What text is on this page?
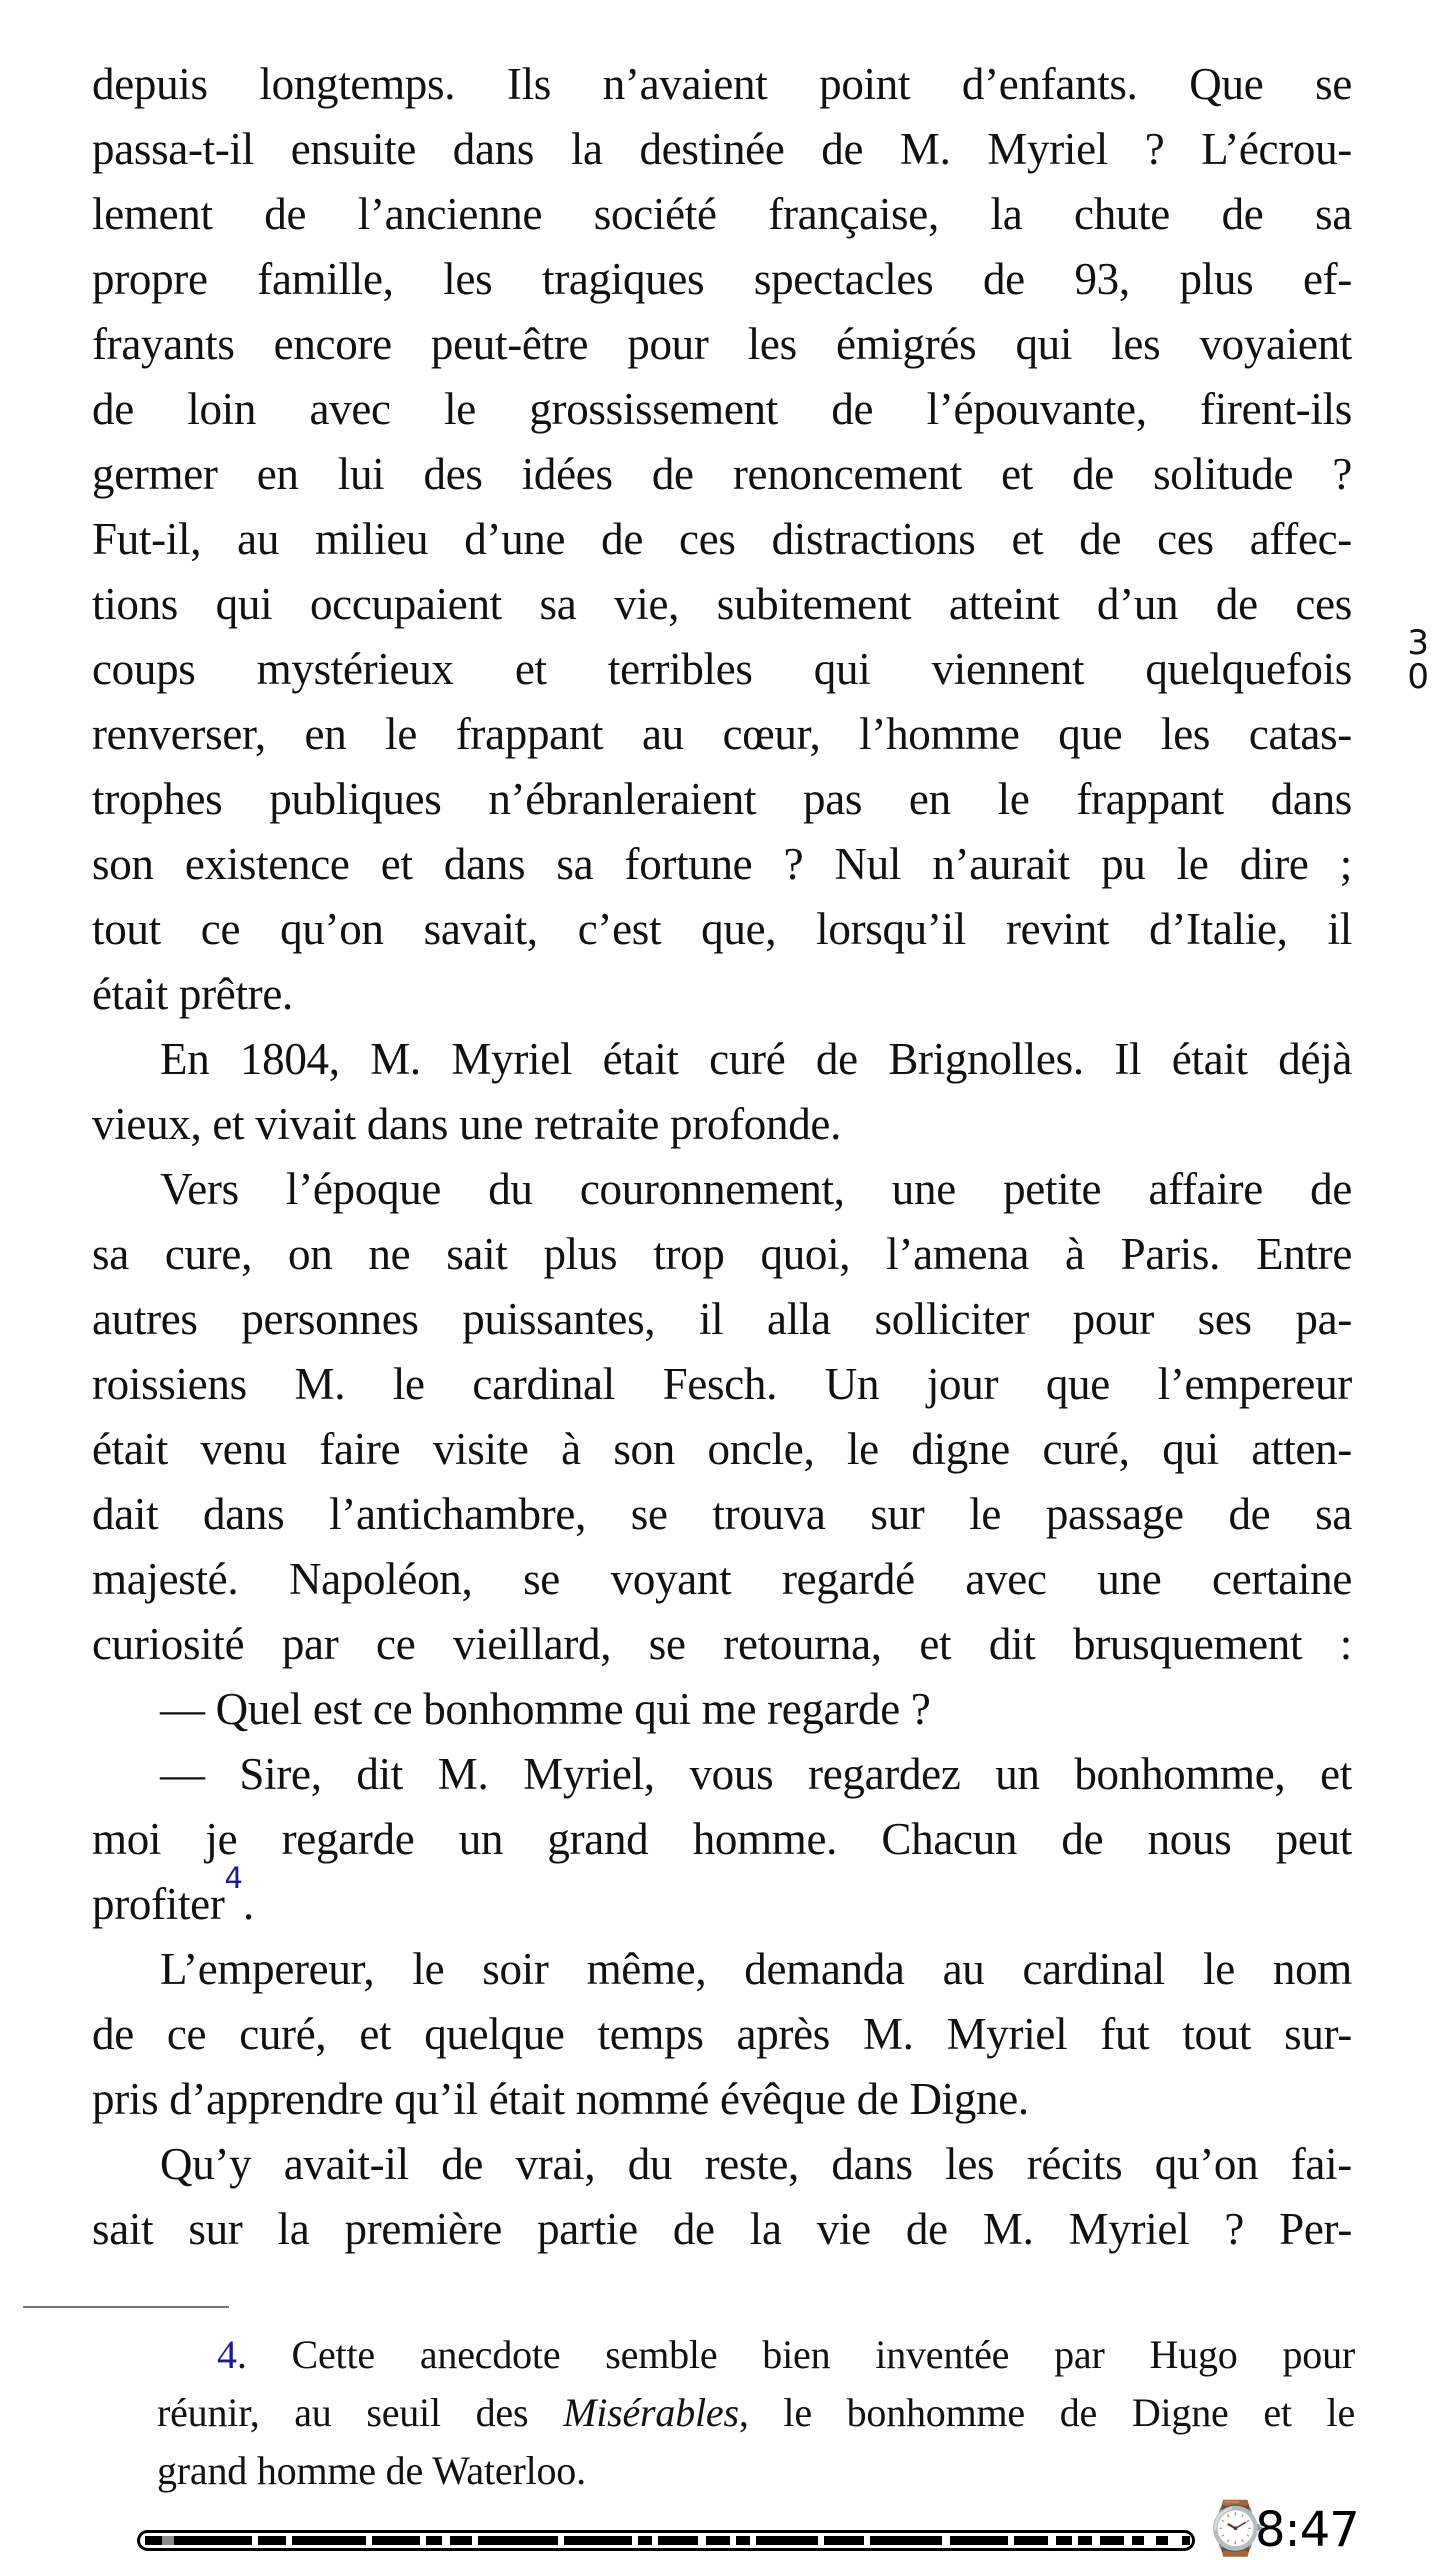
depuis longtemps. Ils n’avaient point d’enfants. Que se
passa-t-il ensuite dans la destinée de M. Myriel ? L’écrou-
lement de l’ancienne société française, la chute de sa
propre famille, les tragiques spectacles de 93, plus ef-
frayants encore peut-être pour les émigrés qui les voyaient
de loin avec le grossissement de l’épouvante, firent-ils
germer en lui des idées de renoncement et de solitude ?
Fut-il, au milieu d’une de ces distractions et de ces affec-
tions qui occupaient sa vie, subitement atteint d’un de ces
coups mystérieux et terribles qui viennent quelquefois
renverser, en le frappant au cœur, l’homme que les catas-
trophes publiques n’ébranleraient pas en le frappant dans
son existence et dans sa fortune ? Nul n’aurait pu le dire ;
tout ce qu’on savait, c’est que, lorsqu’il revint d’Italie, il
était prêtre.
En 1804, M. Myriel était curé de Brignolles. Il était déjà
vieux, et vivait dans une retraite profonde.
Vers l’époque du couronnement, une petite affaire de
sa cure, on ne sait plus trop quoi, l’amena à Paris. Entre
autres personnes puissantes, il alla solliciter pour ses pa-
roissiens M. le cardinal Fesch. Un jour que l’empereur
était venu faire visite à son oncle, le digne curé, qui atten-
dait dans l’antichambre, se trouva sur le passage de sa
majesté. Napoléon, se voyant regardé avec une certaine
curiosité par ce vieillard, se retourna, et dit brusquement :
— Quel est ce bonhomme qui me regarde ?
— Sire, dit M. Myriel, vous regardez un bonhomme, et
moi je regarde un grand homme. Chacun de nous peut
profiter$^4$.
L’empereur, le soir même, demanda au cardinal le nom
de ce curé, et quelque temps après M. Myriel fut tout sur-
pris d’apprendre qu’il était nommé évêque de Digne.
Qu’y avait-il de vrai, du reste, dans les récits qu’on fai-
sait sur la première partie de la vie de M. Myriel ? Per-
3
0
4. Cette anecdote semble bien inventée par Hugo pour
réunir, au seuil des Misérables, le bonhomme de Digne et le
grand homme de Waterloo.
⌚
8:47
